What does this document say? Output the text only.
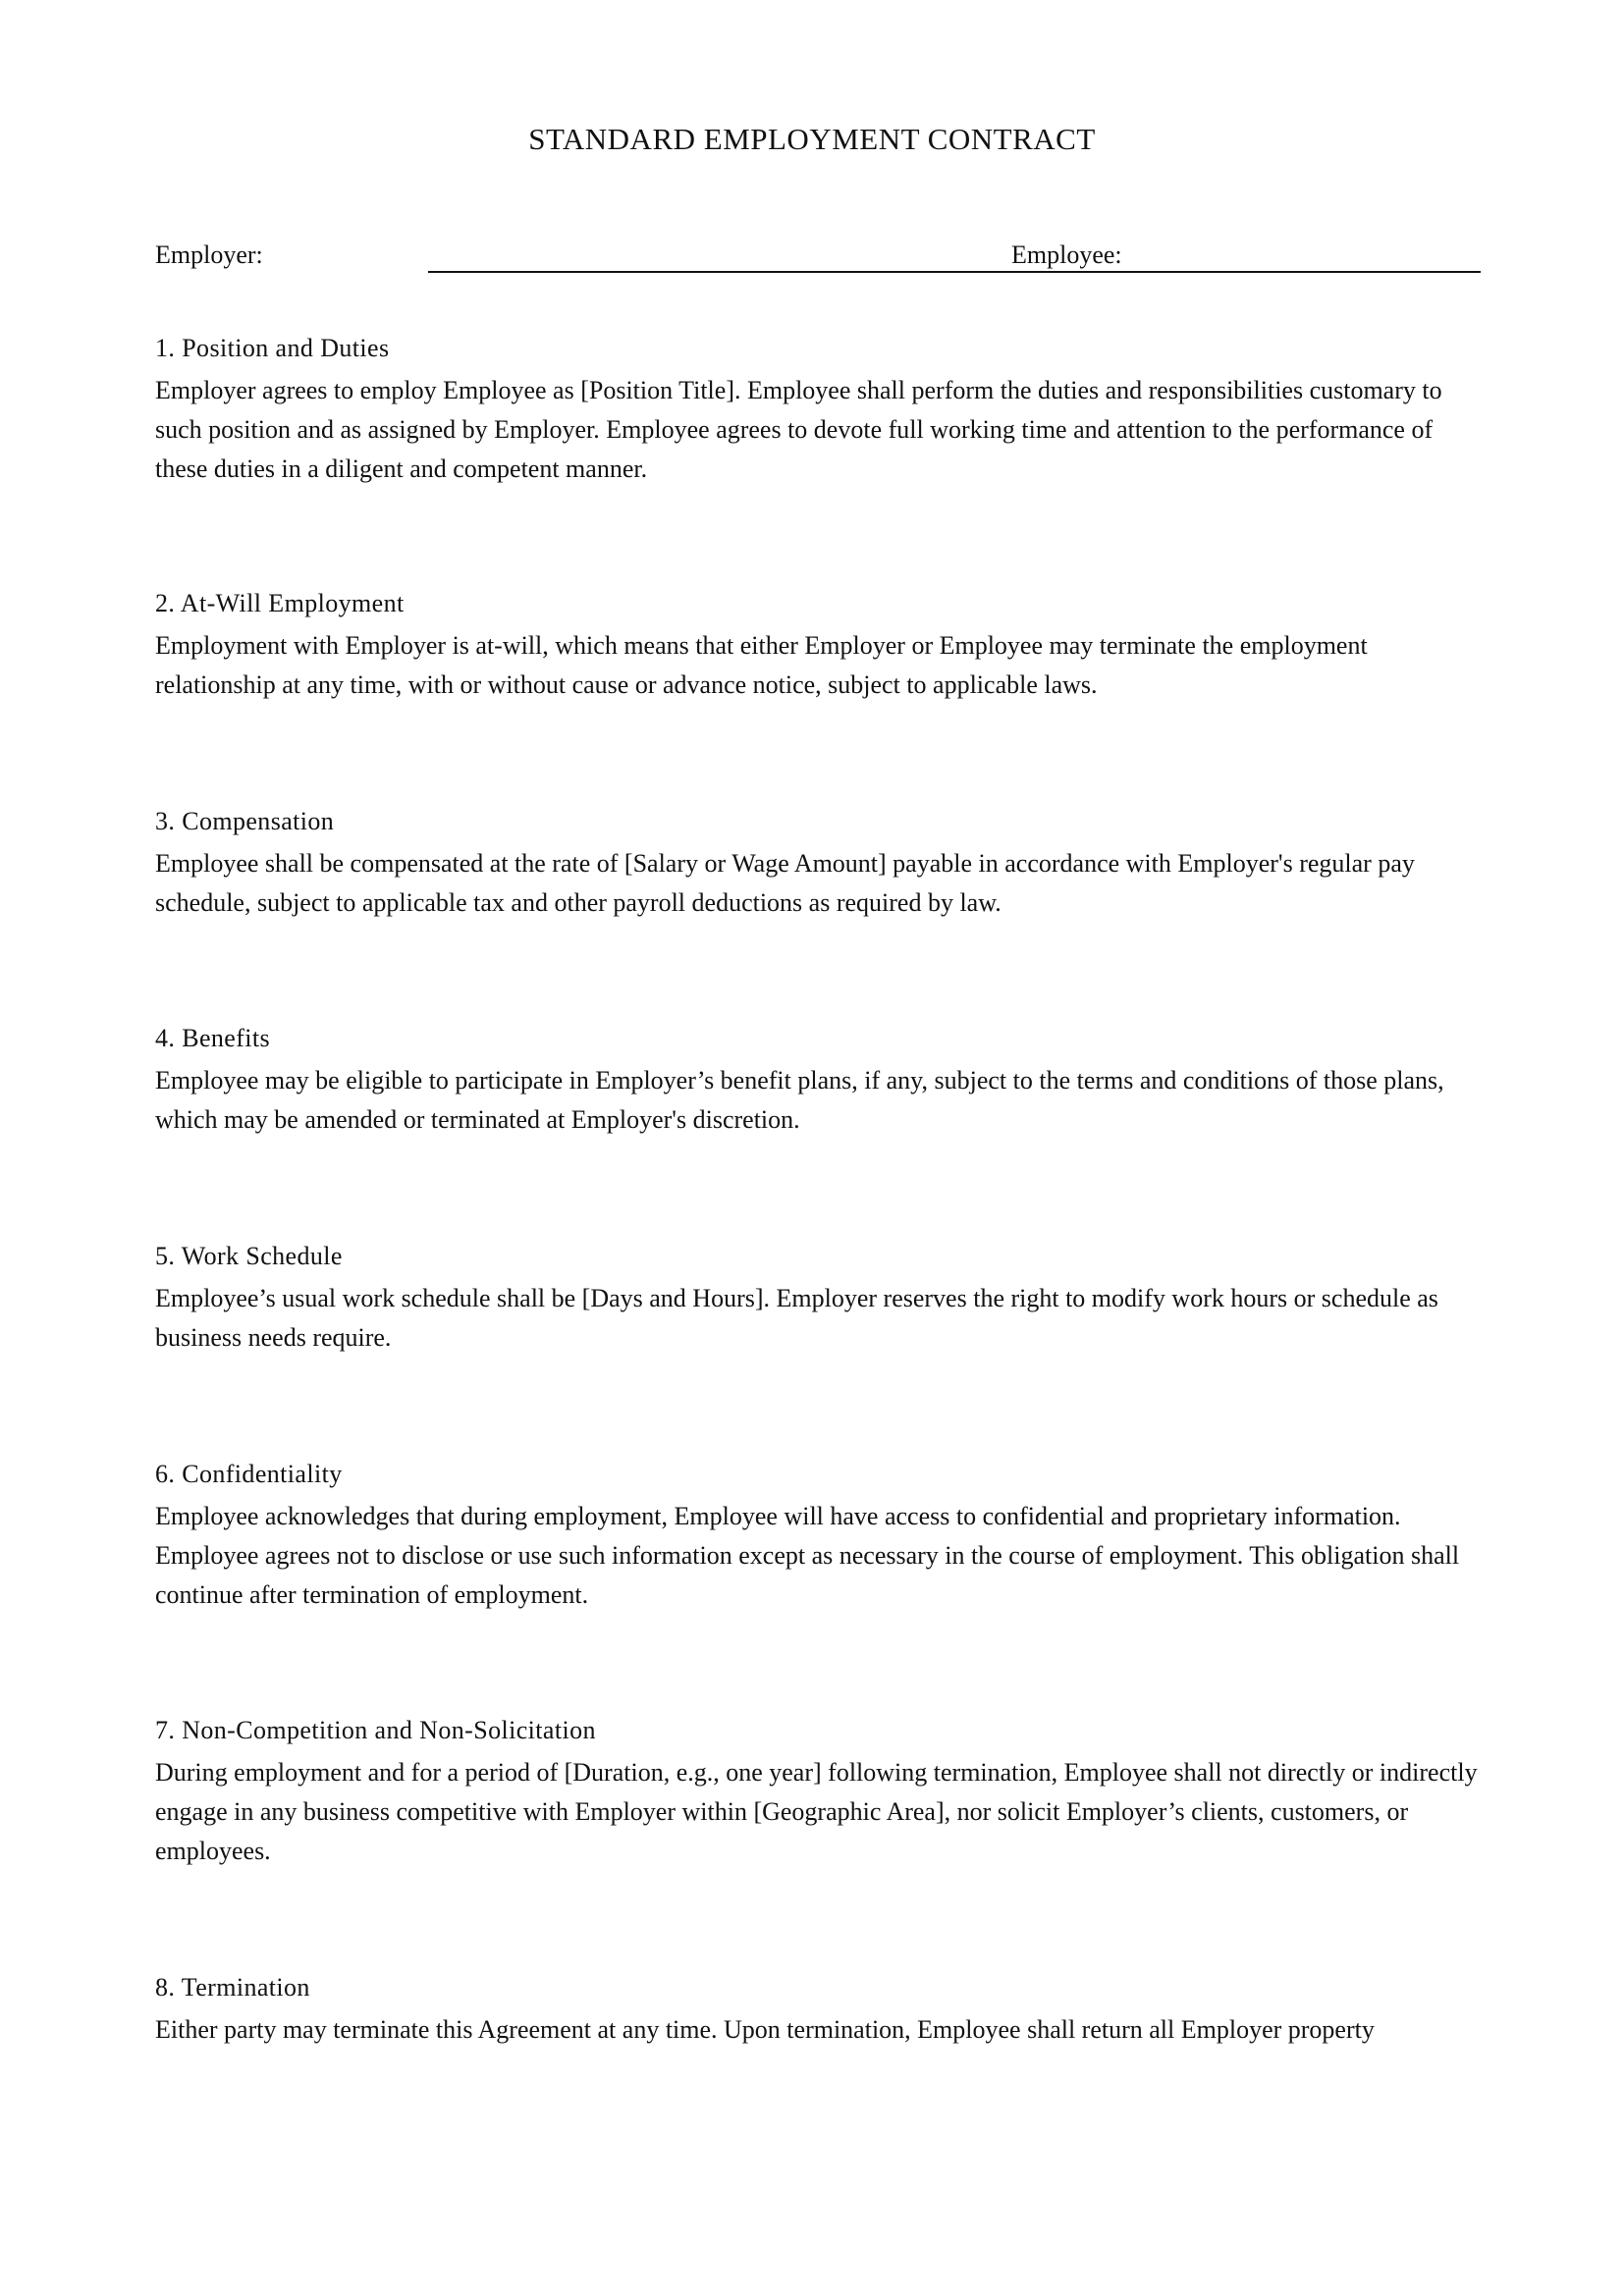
STANDARD EMPLOYMENT CONTRACT
Employer:	Employee:
1. Position and Duties

Employer agrees to employ Employee as [Position Title]. Employee shall perform the duties and responsibilities customary to such position and as assigned by Employer. Employee agrees to devote full working time and attention to the performance of these duties in a diligent and competent manner.

2. At-Will Employment

Employment with Employer is at-will, which means that either Employer or Employee may terminate the employment relationship at any time, with or without cause or advance notice, subject to applicable laws.

3. Compensation

Employee shall be compensated at the rate of [Salary or Wage Amount] payable in accordance with Employer's regular pay schedule, subject to applicable tax and other payroll deductions as required by law.

4. Benefits

Employee may be eligible to participate in Employer’s benefit plans, if any, subject to the terms and conditions of those plans, which may be amended or terminated at Employer's discretion.

5. Work Schedule

Employee’s usual work schedule shall be [Days and Hours]. Employer reserves the right to modify work hours or schedule as business needs require.

6. Confidentiality

Employee acknowledges that during employment, Employee will have access to confidential and proprietary information. Employee agrees not to disclose or use such information except as necessary in the course of employment. This obligation shall continue after termination of employment.

7. Non-Competition and Non-Solicitation

During employment and for a period of [Duration, e.g., one year] following termination, Employee shall not directly or indirectly engage in any business competitive with Employer within [Geographic Area], nor solicit Employer’s clients, customers, or employees.

8. Termination

Either party may terminate this Agreement at any time. Upon termination, Employee shall return all Employer property
